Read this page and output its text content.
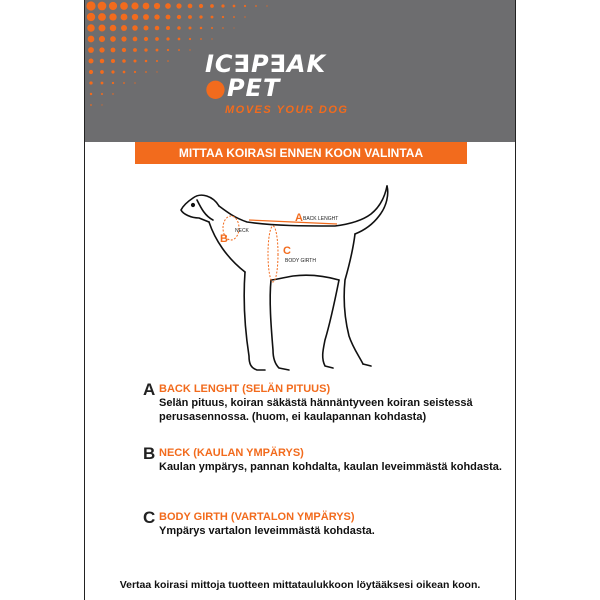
IC∃P∃AK ●PET
MOVES YOUR DOG
MITTAA KOIRASI ENNEN KOON VALINTAA
A BACK LENGHT
B
NECK
C
BODY GIRTH
A BACK LENGHT (SELÄN PITUUS)
Selän pituus, koiran säkästä hännäntyveen koiran seistessä perusasennossa. (huom, ei kaulapannan kohdasta)
B NECK (KAULAN YMPÄRYS)
Kaulan ympärys, pannan kohdalta, kaulan leveimmästä kohdasta.
C BODY GIRTH (VARTALON YMPÄRYS)
Ympärys vartalon leveimmästä kohdasta.
Vertaa koirasi mittoja tuotteen mittataulukkoon löytääksesi oikean koon.
